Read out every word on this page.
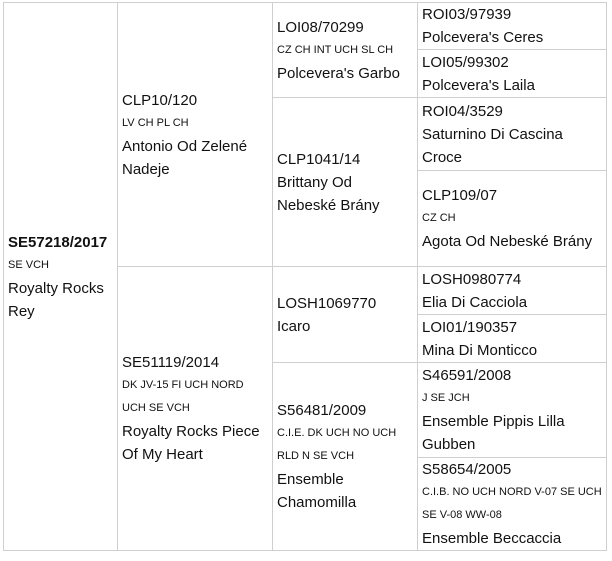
SE57218/2017
SE VCH
Royalty Rocks Rey
CLP10/120
LV CH PL CH
Antonio Od Zelené Nadeje
SE51119/2014
DK JV-15 FI UCH NORD UCH SE VCH
Royalty Rocks Piece Of My Heart
LOI08/70299
CZ CH INT UCH SL CH
Polcevera's Garbo
CLP1041/14
Brittany Od Nebeské Brány
LOSH1069770
Icaro
S56481/2009
C.I.E. DK UCH NO UCH RLD N SE VCH
Ensemble Chamomilla
ROI03/97939
Polcevera's Ceres
LOI05/99302
Polcevera's Laila
ROI04/3529
Saturnino Di Cascina Croce
CLP109/07
CZ CH
Agota Od Nebeské Brány
LOSH0980774
Elia Di Cacciola
LOI01/190357
Mina Di Monticco
S46591/2008
J SE JCH
Ensemble Pippis Lilla Gubben
S58654/2005
C.I.B. NO UCH NORD V-07 SE UCH SE V-08 WW-08
Ensemble Beccaccia
